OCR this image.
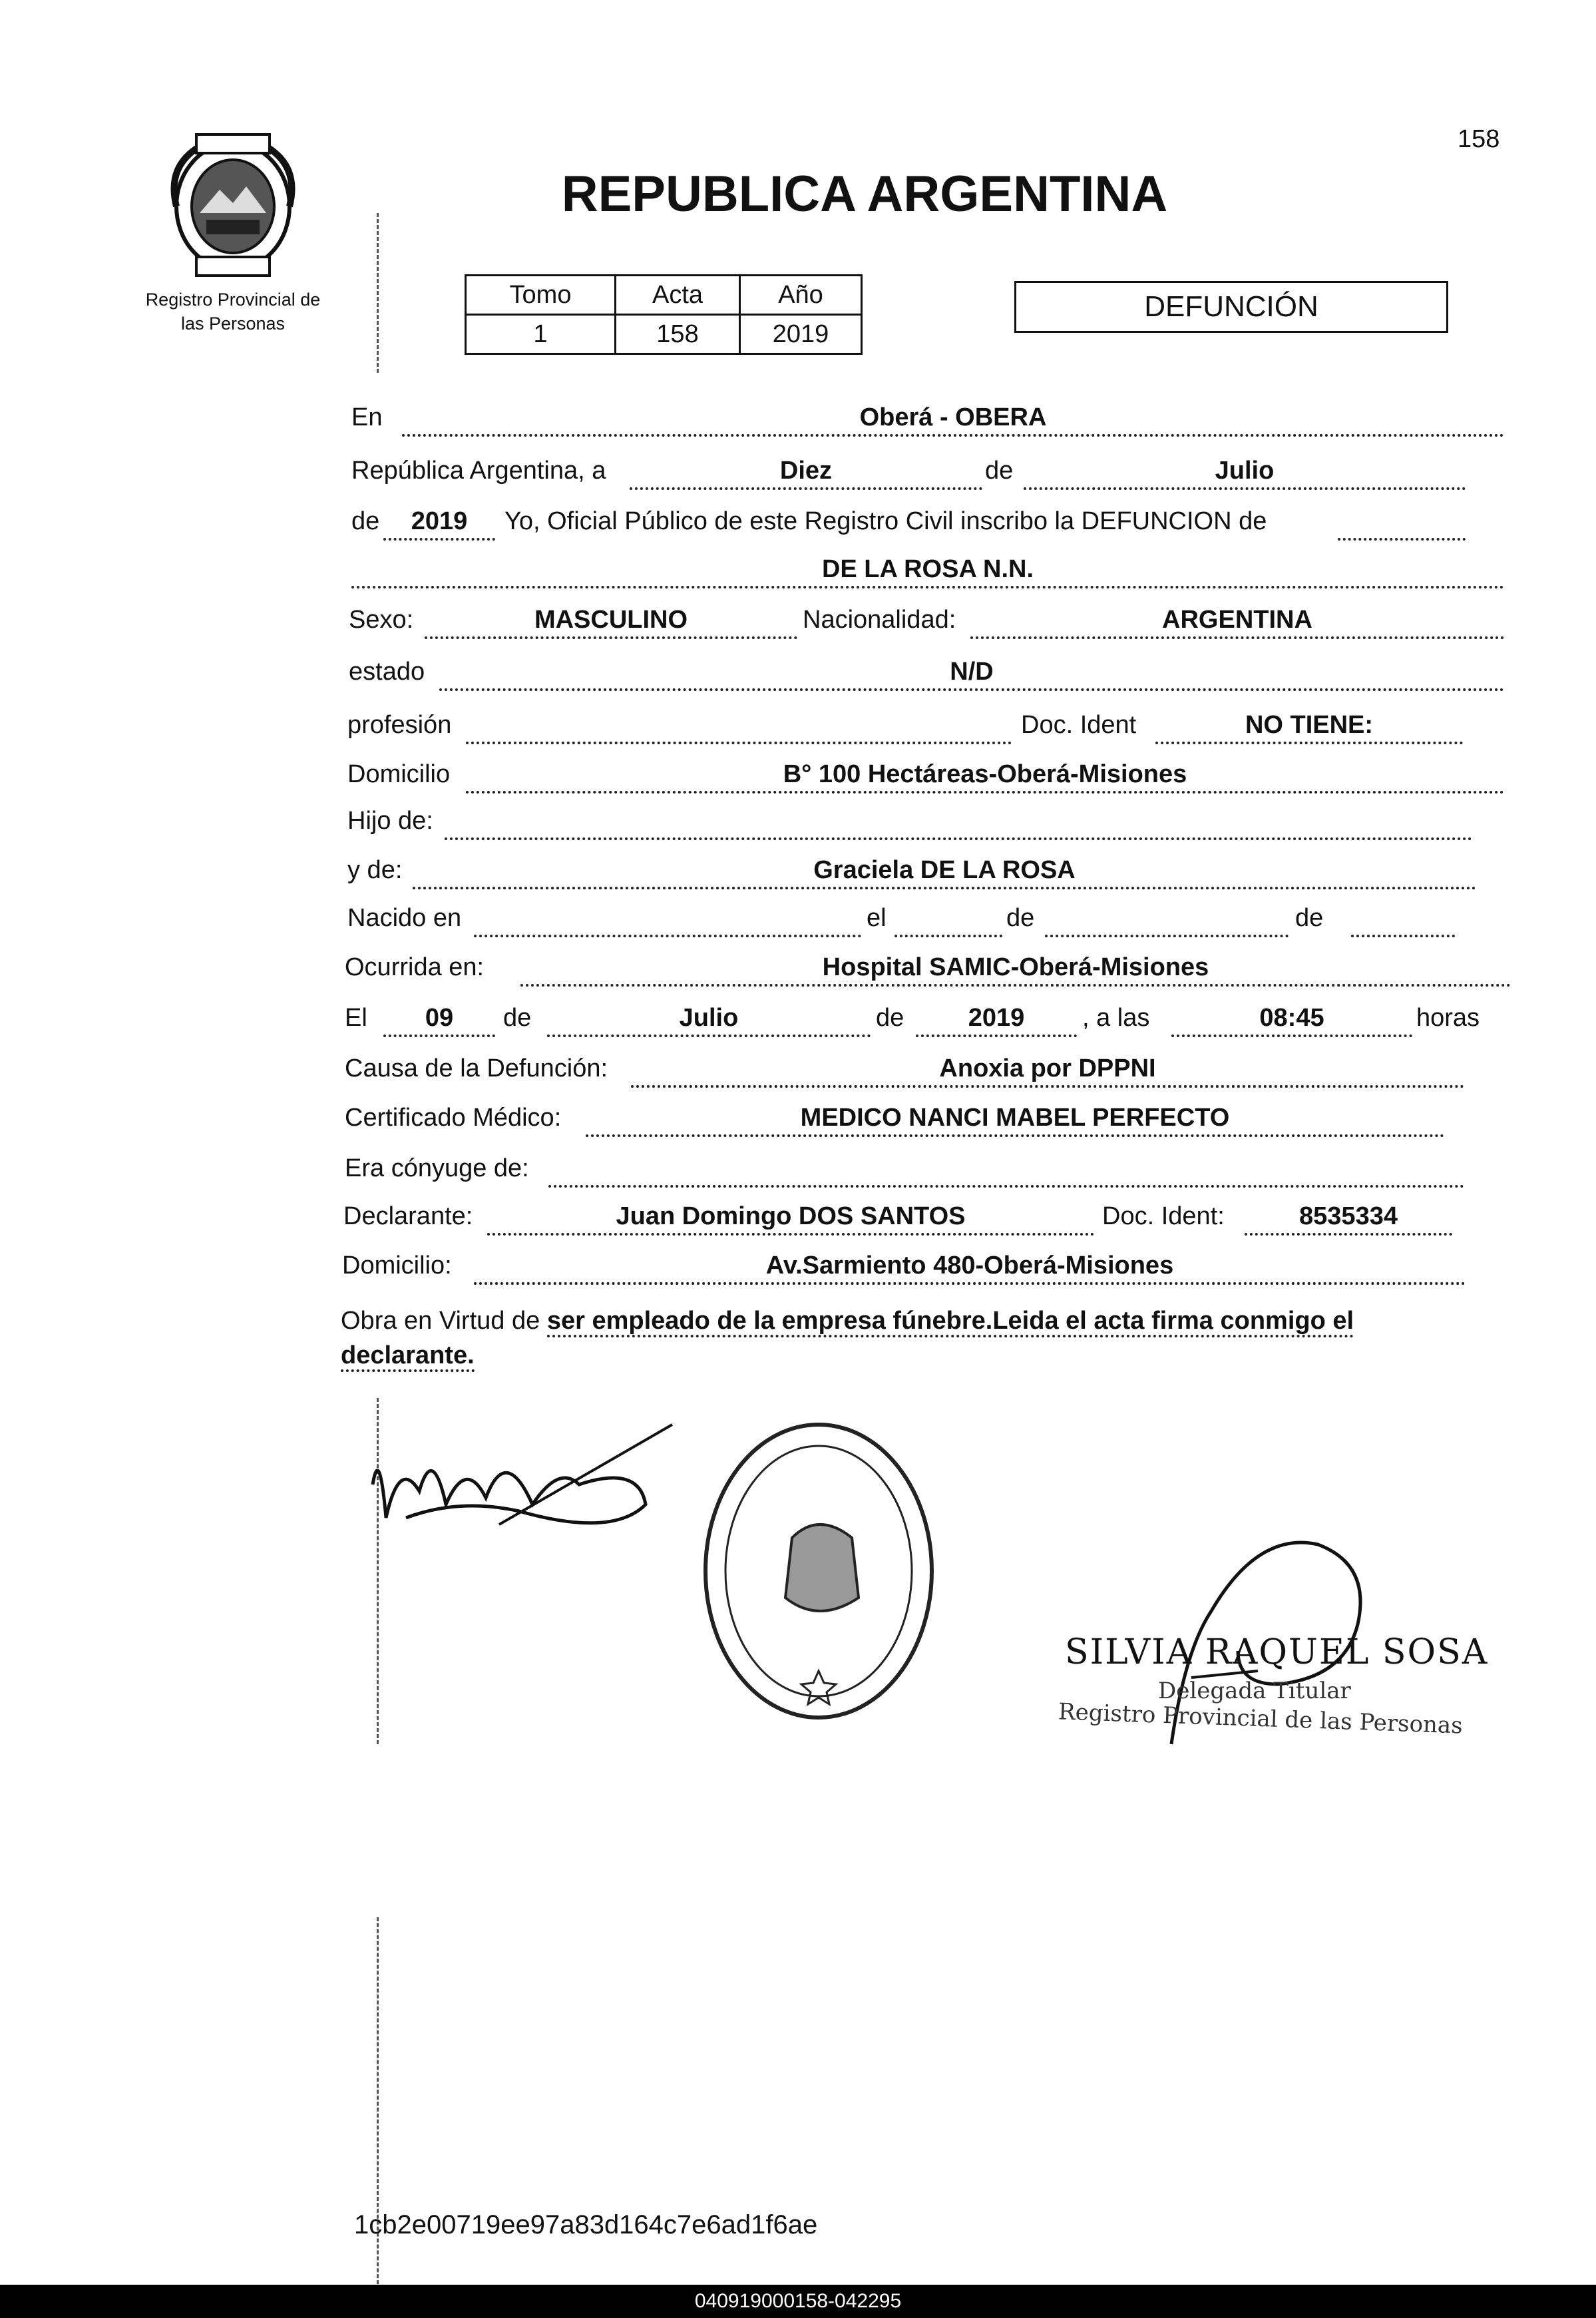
158
Registro Provincial de
las Personas
REPUBLICA ARGENTINA
Tomo	Acta	Año
1	158	2019
DEFUNCIÓN
En	Oberá - OBERA
República Argentina, a	Diez	de	Julio
de	2019	Yo, Oficial Público de este Registro Civil inscribo la DEFUNCION de
DE LA ROSA N.N.
Sexo:	MASCULINO	Nacionalidad:	ARGENTINA
estado	N/D
profesión	Doc. Ident	NO TIENE:
Domicilio	B° 100 Hectáreas-Oberá-Misiones
Hijo de:
y de:	Graciela DE LA ROSA
Nacido en	el	de	de
Ocurrida en:	Hospital SAMIC-Oberá-Misiones
El	09	de	Julio	de	2019	, a las	08:45	horas
Causa de la Defunción:	Anoxia por DPPNI
Certificado Médico:	MEDICO NANCI MABEL PERFECTO
Era cónyuge de:
Declarante:	Juan Domingo DOS SANTOS	Doc. Ident:	8535334
Domicilio:	Av.Sarmiento 480-Oberá-Misiones
Obra en Virtud de ser empleado de la empresa fúnebre.Leida el acta firma conmigo el declarante.
SILVIA RAQUEL SOSA
Delegada Titular
Registro Provincial de las Personas
1cb2e00719ee97a83d164c7e6ad1f6ae
040919000158-042295
